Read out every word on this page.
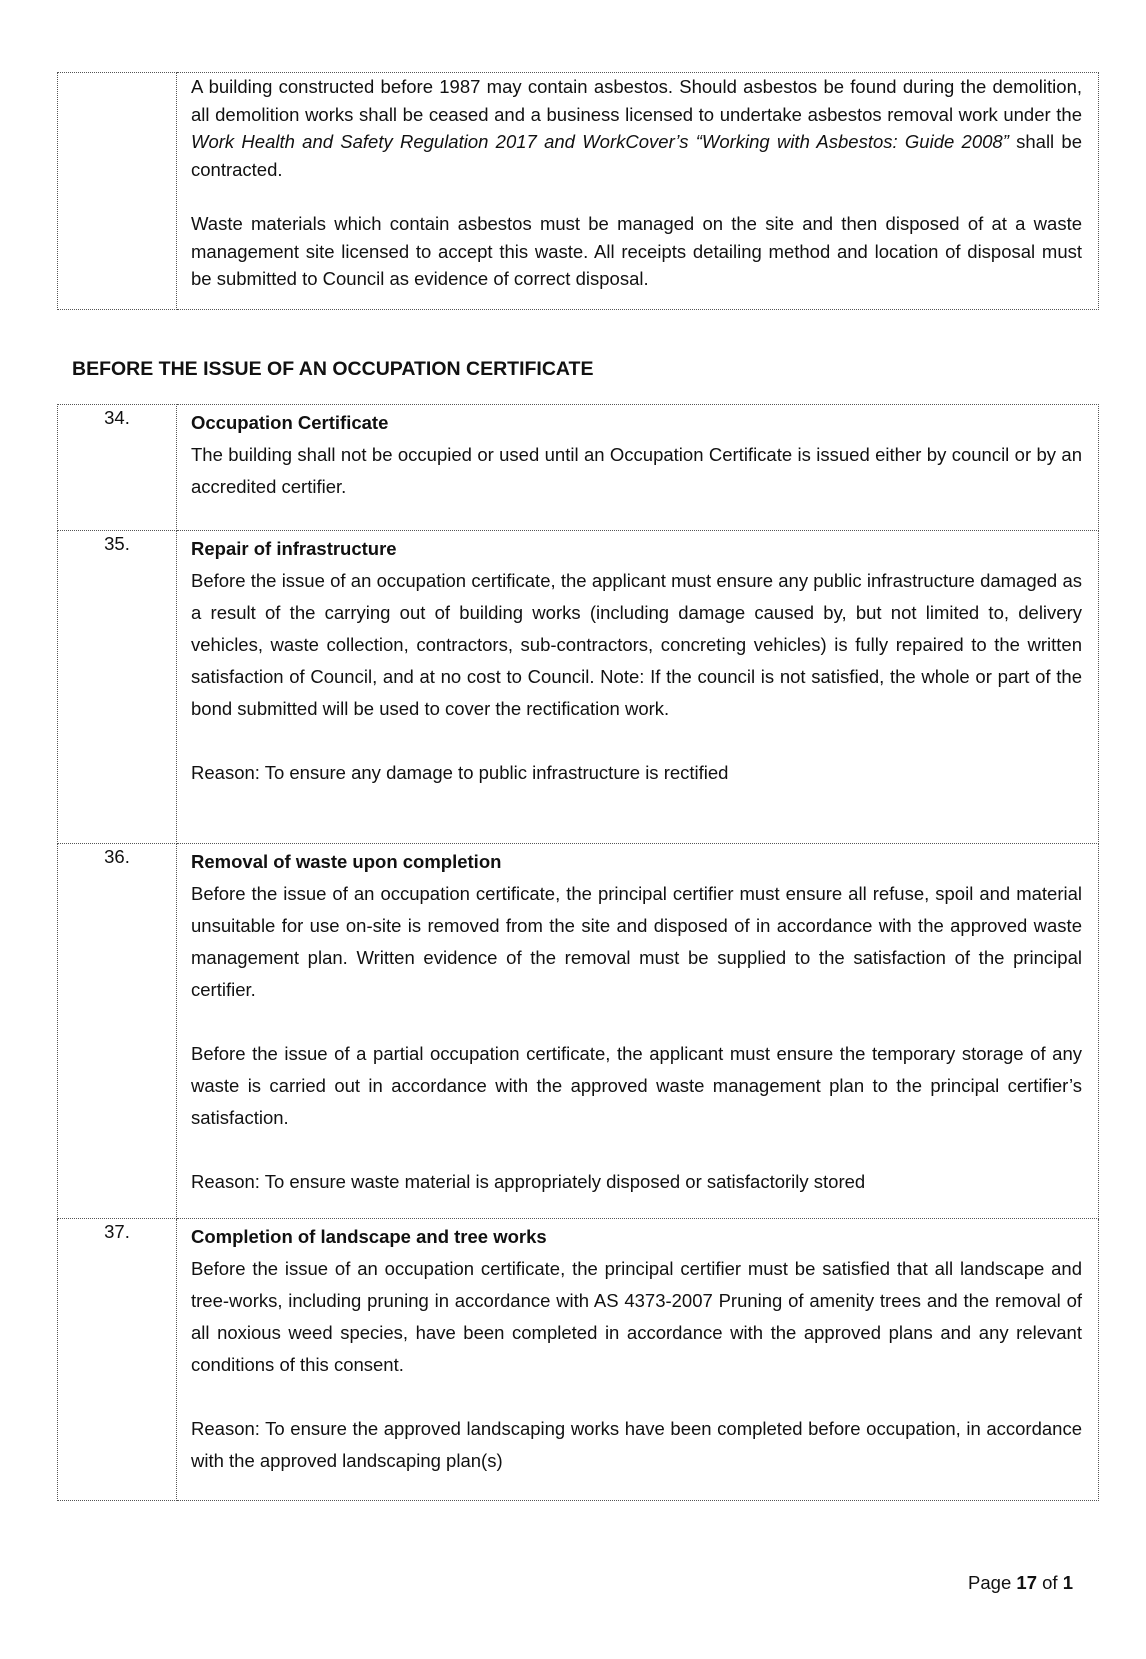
A building constructed before 1987 may contain asbestos. Should asbestos be found during the demolition, all demolition works shall be ceased and a business licensed to undertake asbestos removal work under the Work Health and Safety Regulation 2017 and WorkCover’s “Working with Asbestos: Guide 2008” shall be contracted.

Waste materials which contain asbestos must be managed on the site and then disposed of at a waste management site licensed to accept this waste. All receipts detailing method and location of disposal must be submitted to Council as evidence of correct disposal.

BEFORE THE ISSUE OF AN OCCUPATION CERTIFICATE
34.	Occupation Certificate

The building shall not be occupied or used until an Occupation Certificate is issued either by council or by an accredited certifier.

35.	Repair of infrastructure

Before the issue of an occupation certificate, the applicant must ensure any public infrastructure damaged as a result of the carrying out of building works (including damage caused by, but not limited to, delivery vehicles, waste collection, contractors, sub-contractors, concreting vehicles) is fully repaired to the written satisfaction of Council, and at no cost to Council. Note: If the council is not satisfied, the whole or part of the bond submitted will be used to cover the rectification work.

Reason: To ensure any damage to public infrastructure is rectified

36.	Removal of waste upon completion

Before the issue of an occupation certificate, the principal certifier must ensure all refuse, spoil and material unsuitable for use on-site is removed from the site and disposed of in accordance with the approved waste management plan. Written evidence of the removal must be supplied to the satisfaction of the principal certifier.

Before the issue of a partial occupation certificate, the applicant must ensure the temporary storage of any waste is carried out in accordance with the approved waste management plan to the principal certifier’s satisfaction.

Reason: To ensure waste material is appropriately disposed or satisfactorily stored

37.	Completion of landscape and tree works

Before the issue of an occupation certificate, the principal certifier must be satisfied that all landscape and tree-works, including pruning in accordance with AS 4373-2007 Pruning of amenity trees and the removal of all noxious weed species, have been completed in accordance with the approved plans and any relevant conditions of this consent.

Reason: To ensure the approved landscaping works have been completed before occupation, in accordance with the approved landscaping plan(s)

Page 17 of 1
